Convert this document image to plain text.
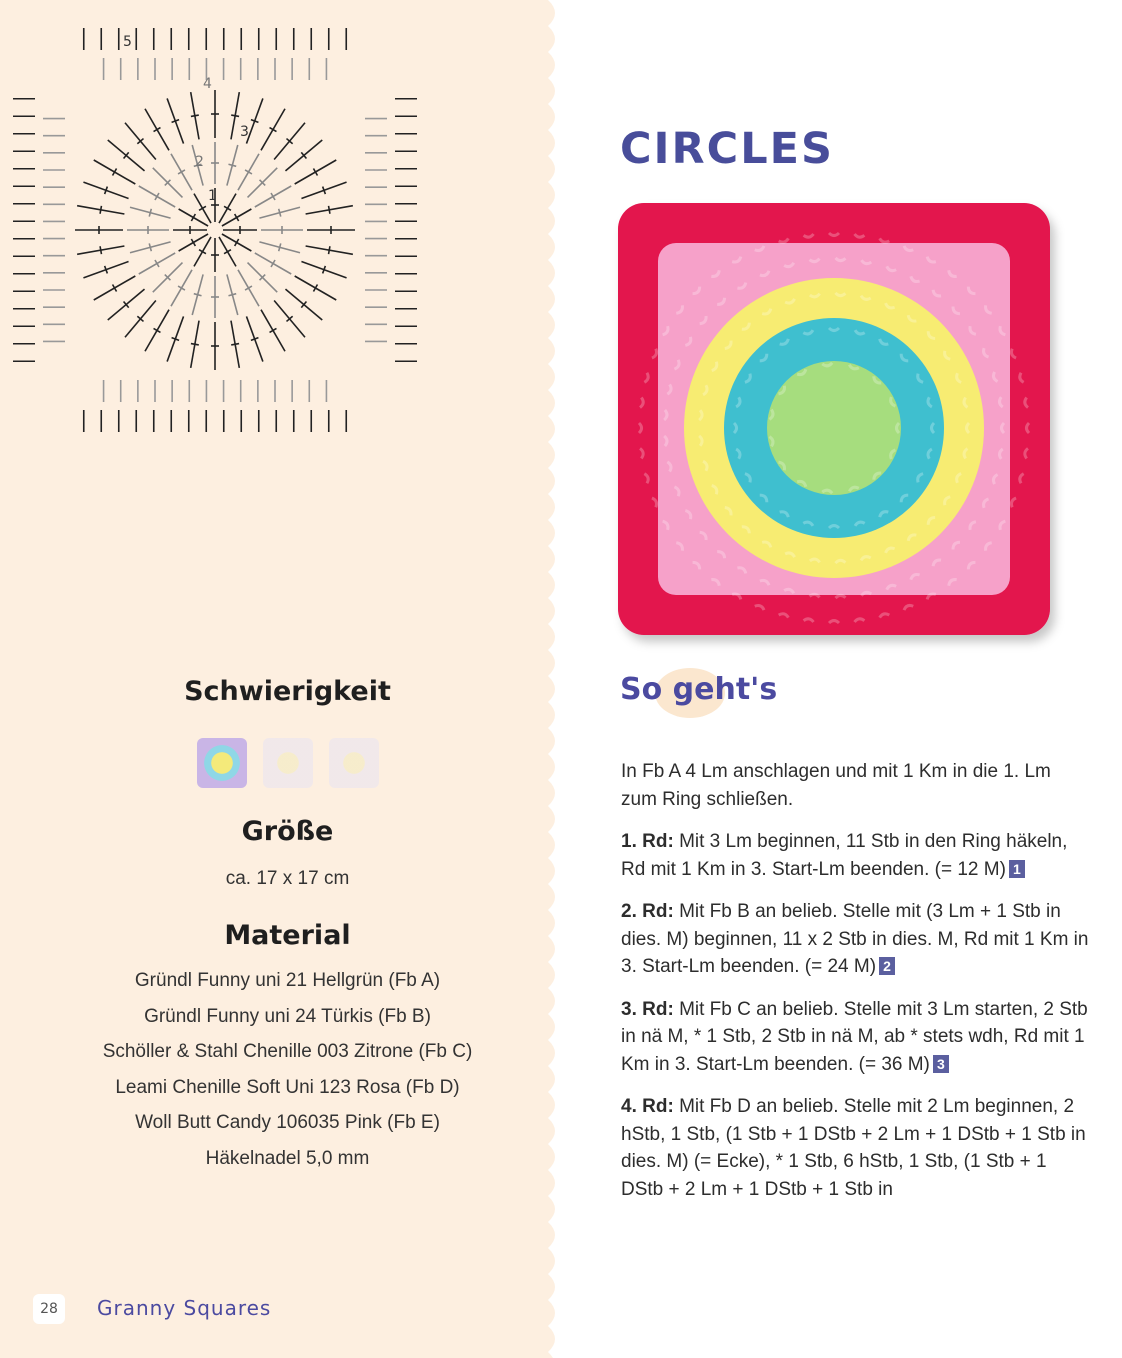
5
4
3
2
1
Schwierigkeit
Größe
ca. 17 x 17 cm
Material
Gründl Funny uni 21 Hellgrün (Fb A)
Gründl Funny uni 24 Türkis (Fb B)
Schöller & Stahl Chenille 003 Zitrone (Fb C)
Leami Chenille Soft Uni 123 Rosa (Fb D)
Woll Butt Candy 106035 Pink (Fb E)
Häkelnadel 5,0 mm
28	Granny Squares
CIRCLES
So geht's

In Fb A 4 Lm anschlagen und mit 1 Km in die 1. Lm zum Ring schließen.

1. Rd: Mit 3 Lm beginnen, 11 Stb in den Ring häkeln, Rd mit 1 Km in 3. Start-Lm beenden. (= 12 M) 1

2. Rd: Mit Fb B an belieb. Stelle mit (3 Lm + 1 Stb in dies. M) beginnen, 11 x 2 Stb in dies. M, Rd mit 1 Km in 3. Start-Lm beenden. (= 24 M) 2

3. Rd: Mit Fb C an belieb. Stelle mit 3 Lm starten, 2 Stb in nä M, * 1 Stb, 2 Stb in nä M, ab * stets wdh, Rd mit 1 Km in 3. Start-Lm beenden. (= 36 M) 3

4. Rd: Mit Fb D an belieb. Stelle mit 2 Lm beginnen, 2 hStb, 1 Stb, (1 Stb + 1 DStb + 2 Lm + 1 DStb + 1 Stb in dies. M) (= Ecke), * 1 Stb, 6 hStb, 1 Stb, (1 Stb + 1 DStb + 2 Lm + 1 DStb + 1 Stb in
